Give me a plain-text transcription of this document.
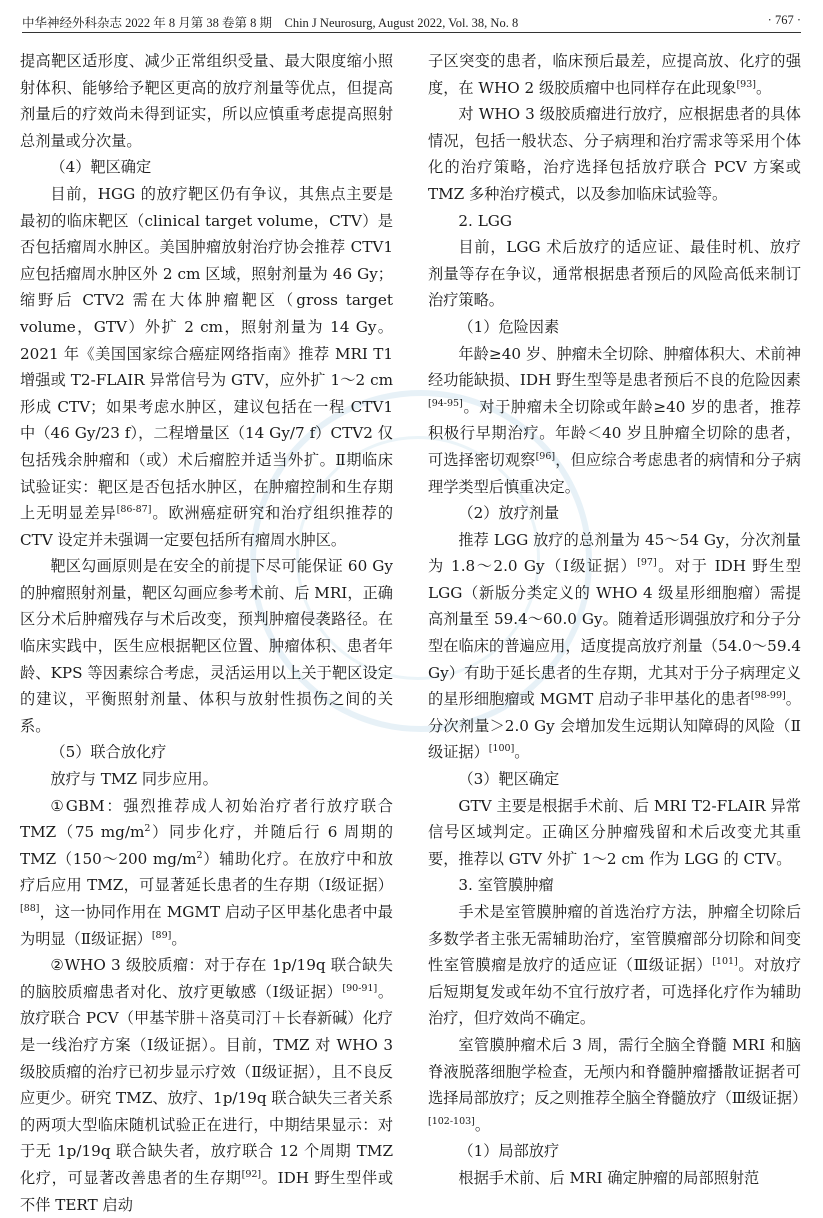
中华神经外科杂志 2022 年 8 月第 38 卷第 8 期　Chin J Neurosurg, August 2022, Vol. 38, No. 8	· 767 ·

提高靶区适形度、减少正常组织受量、最大限度缩小照射体积、能够给予靶区更高的放疗剂量等优点，但提高剂量后的疗效尚未得到证实，所以应慎重考虑提高照射总剂量或分次量。

（4）靶区确定

目前，HGG 的放疗靶区仍有争议，其焦点主要是最初的临床靶区（clinical target volume，CTV）是否包括瘤周水肿区。美国肿瘤放射治疗协会推荐 CTV1 应包括瘤周水肿区外 2 cm 区域，照射剂量为 46 Gy；缩野后 CTV2 需在大体肿瘤靶区（gross target volume，GTV）外扩 2 cm，照射剂量为 14 Gy。2021 年《美国国家综合癌症网络指南》推荐 MRI T1 增强或 T2-FLAIR 异常信号为 GTV，应外扩 1～2 cm 形成 CTV；如果考虑水肿区，建议包括在一程 CTV1 中（46 Gy/23 f），二程增量区（14 Gy/7 f）CTV2 仅包括残余肿瘤和（或）术后瘤腔并适当外扩。Ⅱ期临床试验证实：靶区是否包括水肿区，在肿瘤控制和生存期上无明显差异[86-87]。欧洲癌症研究和治疗组织推荐的 CTV 设定并未强调一定要包括所有瘤周水肿区。

靶区勾画原则是在安全的前提下尽可能保证 60 Gy 的肿瘤照射剂量，靶区勾画应参考术前、后 MRI，正确区分术后肿瘤残存与术后改变，预判肿瘤侵袭路径。在临床实践中，医生应根据靶区位置、肿瘤体积、患者年龄、KPS 等因素综合考虑，灵活运用以上关于靶区设定的建议，平衡照射剂量、体积与放射性损伤之间的关系。

（5）联合放化疗

放疗与 TMZ 同步应用。

①GBM：强烈推荐成人初始治疗者行放疗联合 TMZ（75 $mg/m^2$）同步化疗，并随后行 6 周期的 TMZ（150～200 $mg/m^2$）辅助化疗。在放疗中和放疗后应用 TMZ，可显著延长患者的生存期（Ⅰ级证据）[88]，这一协同作用在 MGMT 启动子区甲基化患者中最为明显（Ⅱ级证据）[89]。

②WHO 3 级胶质瘤：对于存在 1p/19q 联合缺失的脑胶质瘤患者对化、放疗更敏感（Ⅰ级证据）[90-91]。放疗联合 PCV（甲基苄肼＋洛莫司汀＋长春新碱）化疗是一线治疗方案（Ⅰ级证据）。目前，TMZ 对 WHO 3 级胶质瘤的治疗已初步显示疗效（Ⅱ级证据），且不良反应更少。研究 TMZ、放疗、1p/19q 联合缺失三者关系的两项大型临床随机试验正在进行，中期结果显示：对于无 1p/19q 联合缺失者，放疗联合 12 个周期 TMZ 化疗，可显著改善患者的生存期[92]。IDH 野生型伴或不伴 TERT 启动

子区突变的患者，临床预后最差，应提高放、化疗的强度，在 WHO 2 级胶质瘤中也同样存在此现象[93]。

对 WHO 3 级胶质瘤进行放疗，应根据患者的具体情况，包括一般状态、分子病理和治疗需求等采用个体化的治疗策略，治疗选择包括放疗联合 PCV 方案或 TMZ 多种治疗模式，以及参加临床试验等。

2. LGG

目前，LGG 术后放疗的适应证、最佳时机、放疗剂量等存在争议，通常根据患者预后的风险高低来制订治疗策略。

（1）危险因素

年龄≥40 岁、肿瘤未全切除、肿瘤体积大、术前神经功能缺损、IDH 野生型等是患者预后不良的危险因素[94-95]。对于肿瘤未全切除或年龄≥40 岁的患者，推荐积极行早期治疗。年龄＜40 岁且肿瘤全切除的患者，可选择密切观察[96]，但应综合考虑患者的病情和分子病理学类型后慎重决定。

（2）放疗剂量

推荐 LGG 放疗的总剂量为 45～54 Gy，分次剂量为 1.8～2.0 Gy（Ⅰ级证据）[97]。对于 IDH 野生型 LGG（新版分类定义的 WHO 4 级星形细胞瘤）需提高剂量至 59.4～60.0 Gy。随着适形调强放疗和分子分型在临床的普遍应用，适度提高放疗剂量（54.0～59.4 Gy）有助于延长患者的生存期，尤其对于分子病理定义的星形细胞瘤或 MGMT 启动子非甲基化的患者[98-99]。分次剂量＞2.0 Gy 会增加发生远期认知障碍的风险（Ⅱ级证据）[100]。

（3）靶区确定

GTV 主要是根据手术前、后 MRI T2-FLAIR 异常信号区域判定。正确区分肿瘤残留和术后改变尤其重要，推荐以 GTV 外扩 1～2 cm 作为 LGG 的 CTV。

3. 室管膜肿瘤

手术是室管膜肿瘤的首选治疗方法，肿瘤全切除后多数学者主张无需辅助治疗，室管膜瘤部分切除和间变性室管膜瘤是放疗的适应证（Ⅲ级证据）[101]。对放疗后短期复发或年幼不宜行放疗者，可选择化疗作为辅助治疗，但疗效尚不确定。

室管膜肿瘤术后 3 周，需行全脑全脊髓 MRI 和脑脊液脱落细胞学检查，无颅内和脊髓肿瘤播散证据者可选择局部放疗；反之则推荐全脑全脊髓放疗（Ⅲ级证据）[102-103]。

（1）局部放疗

根据手术前、后 MRI 确定肿瘤的局部照射范
